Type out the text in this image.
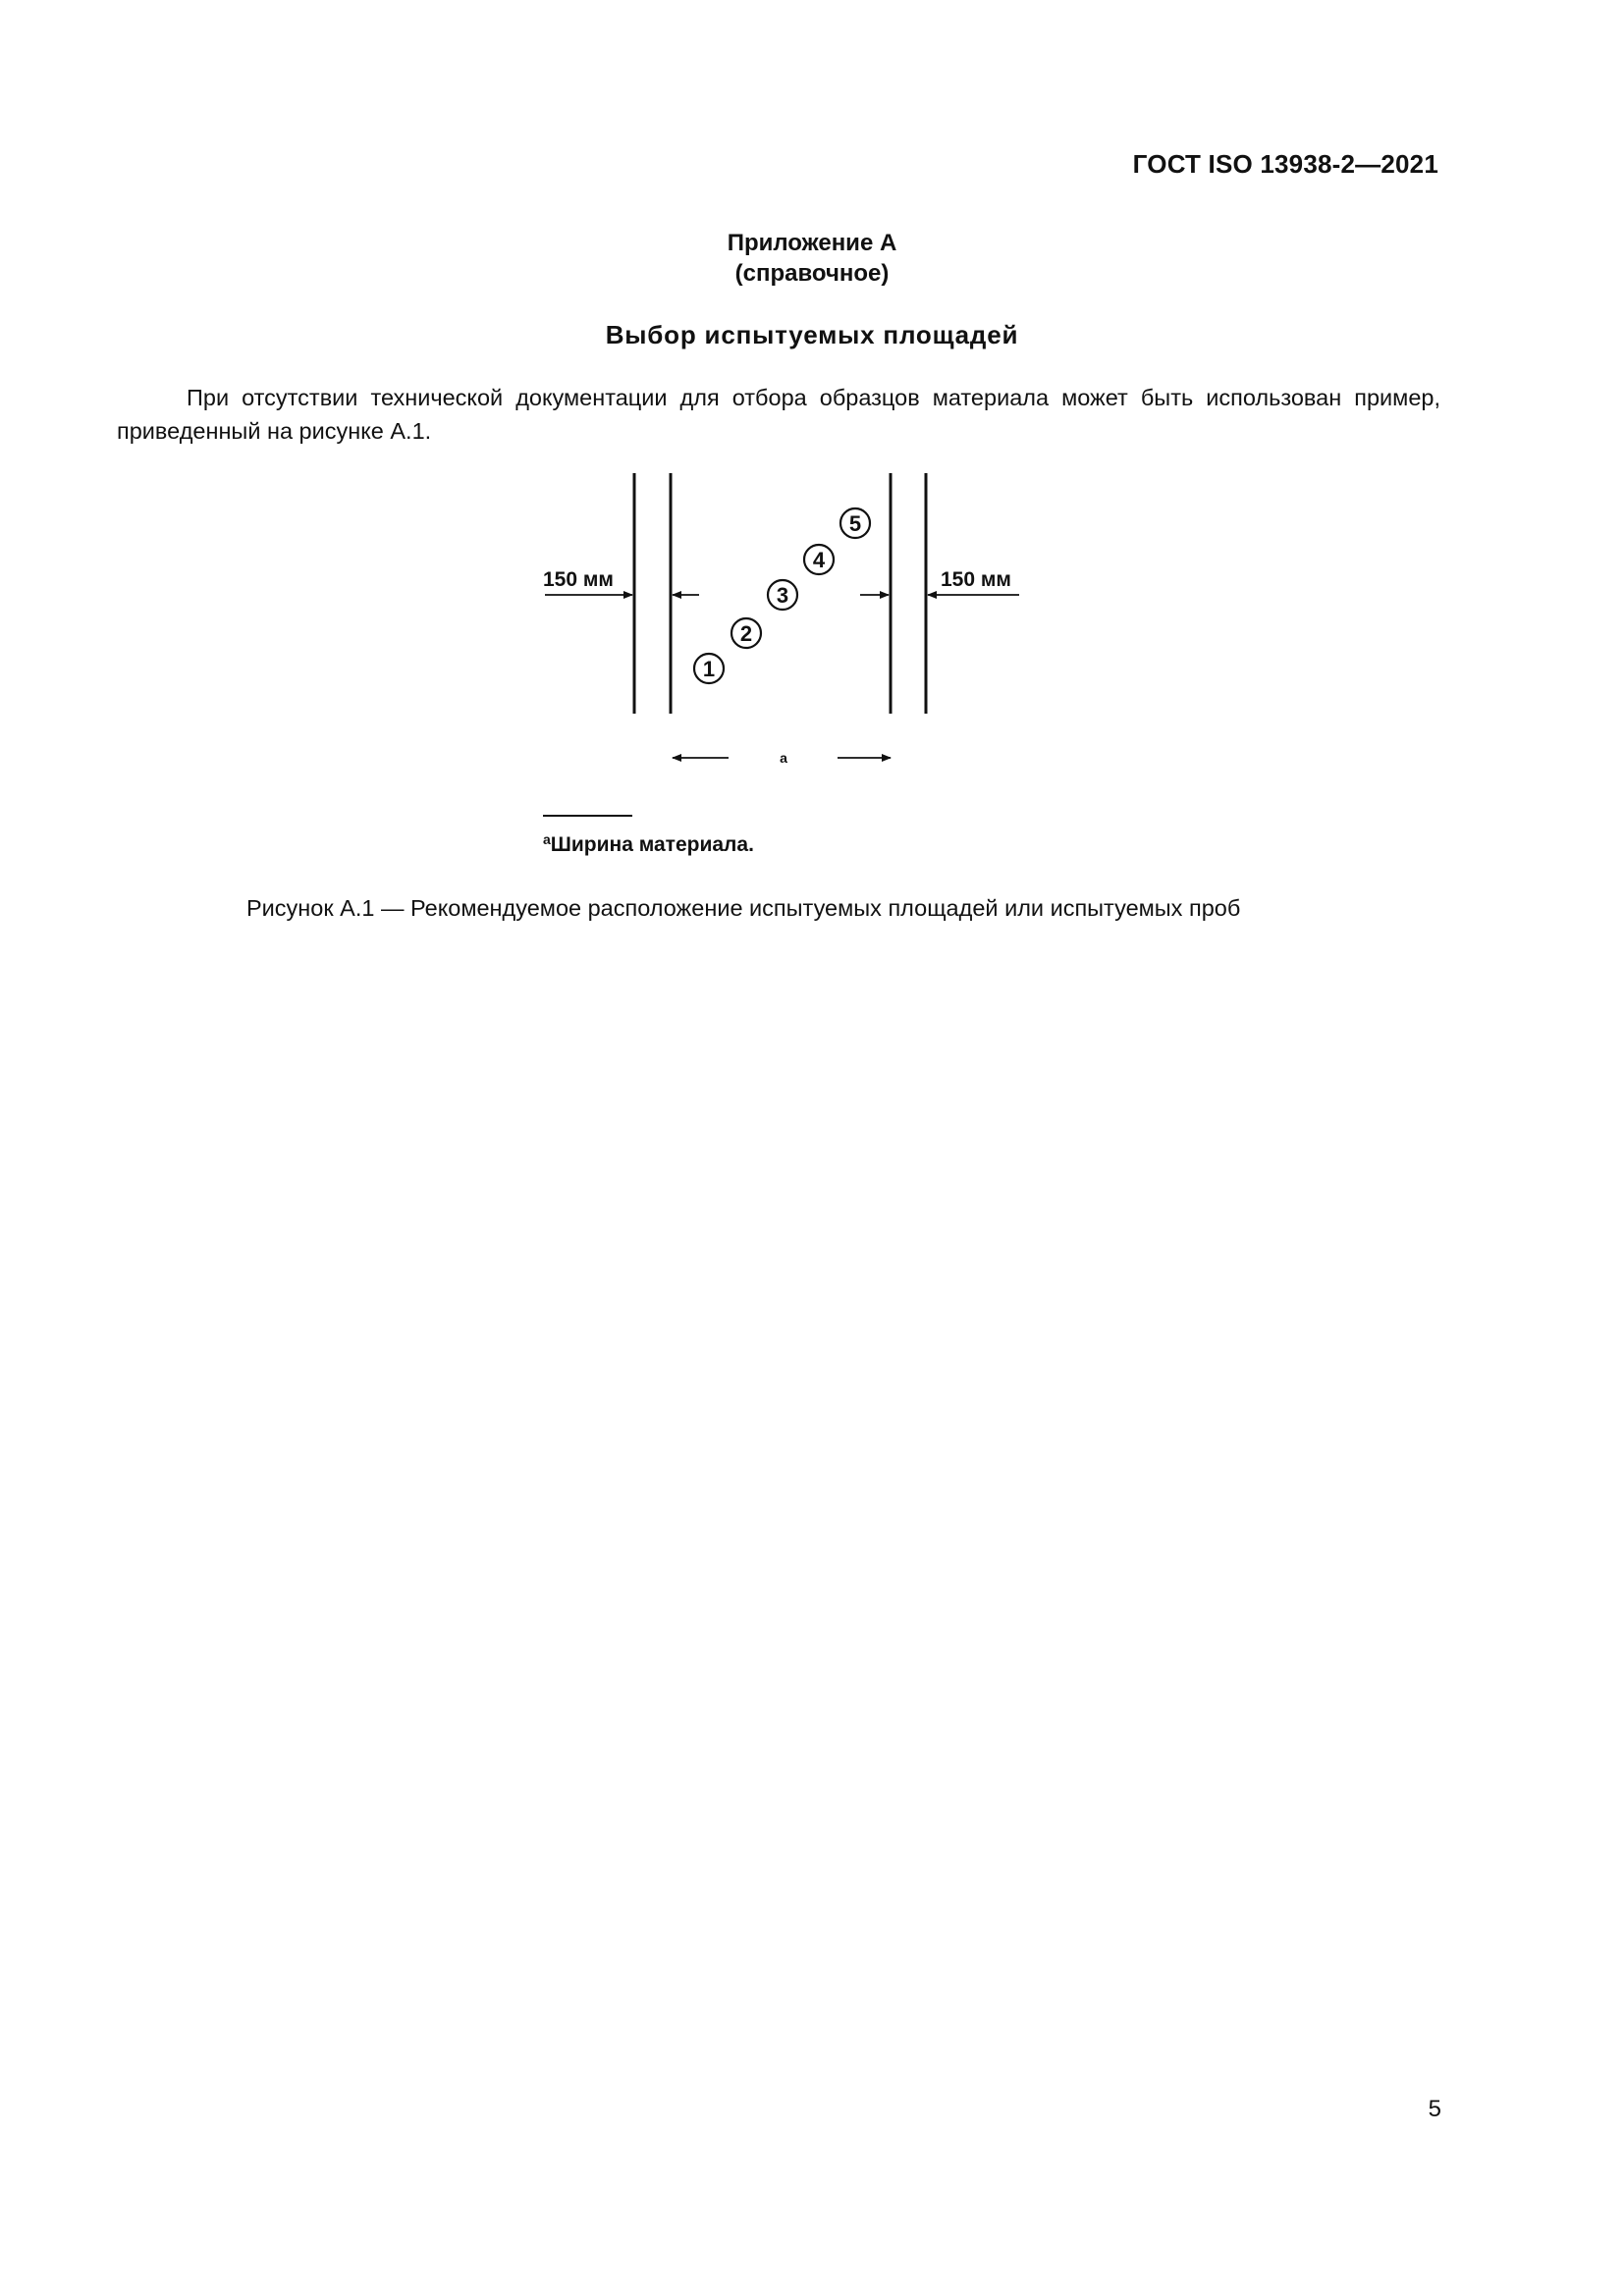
ГОСТ ISO 13938-2—2021
Приложение А
(справочное)
Выбор испытуемых площадей
При отсутствии технической документации для отбора образцов материала может быть использован пример, приведенный на рисунке А.1.
150 мм	150 мм
a
1
2
3
4
5
$^a$Ширина материала.
Рисунок А.1 — Рекомендуемое расположение испытуемых площадей или испытуемых проб
5
